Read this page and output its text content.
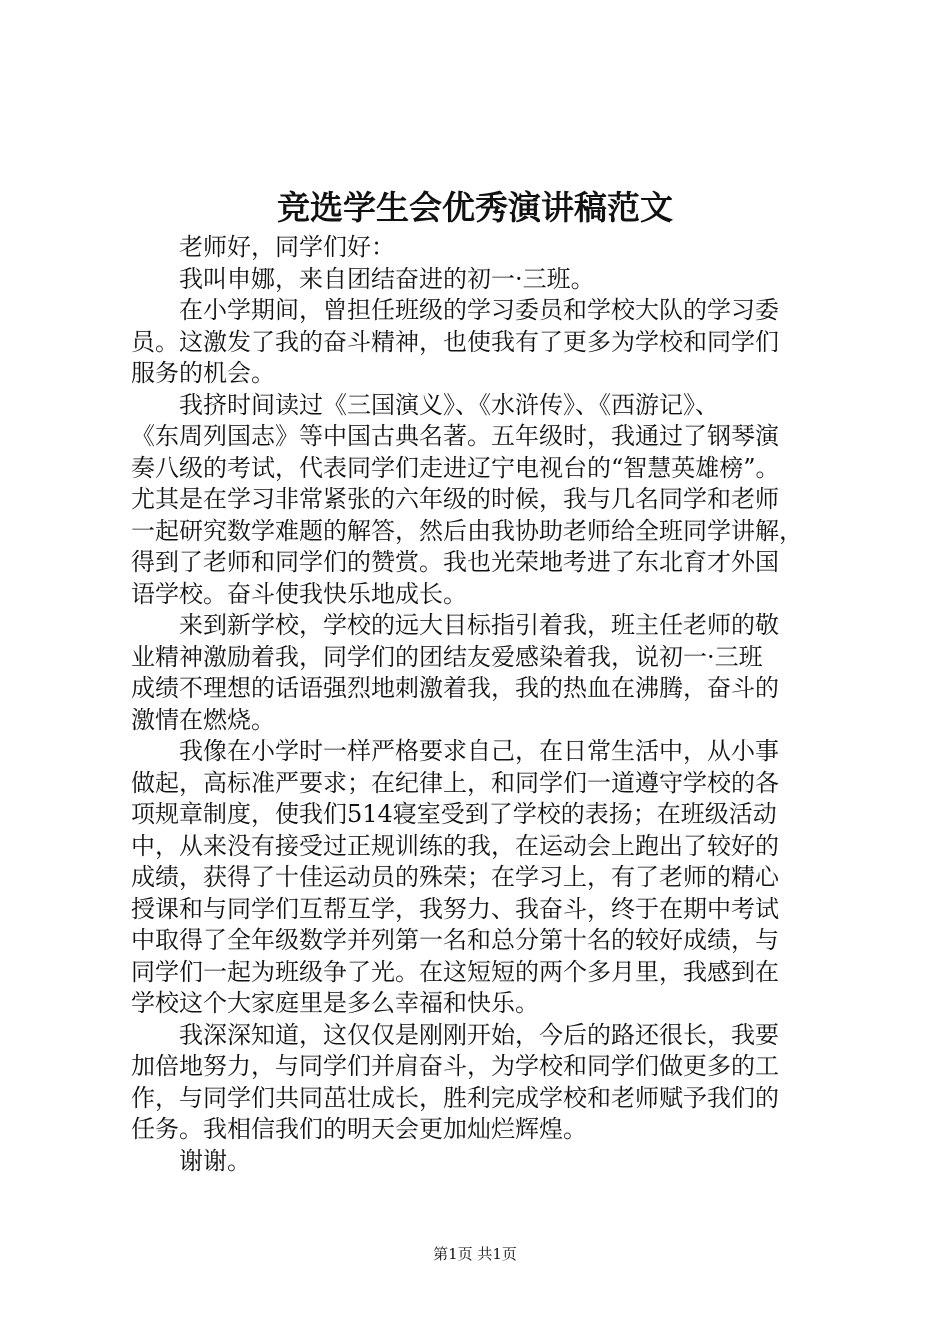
竞选学生会优秀演讲稿范文
老师好，同学们好：
我叫申娜，来自团结奋进的初一·三班。
在小学期间，曾担任班级的学习委员和学校大队的学习委
员。这激发了我的奋斗精神，也使我有了更多为学校和同学们
服务的机会。
我挤时间读过《三国演义》、《水浒传》、《西游记》、
《东周列国志》等中国古典名著。五年级时，我通过了钢琴演
奏八级的考试，代表同学们走进辽宁电视台的“智慧英雄榜”。
尤其是在学习非常紧张的六年级的时候，我与几名同学和老师
一起研究数学难题的解答，然后由我协助老师给全班同学讲解，
得到了老师和同学们的赞赏。我也光荣地考进了东北育才外国
语学校。奋斗使我快乐地成长。
来到新学校，学校的远大目标指引着我，班主任老师的敬
业精神激励着我，同学们的团结友爱感染着我，说初一·三班
成绩不理想的话语强烈地刺激着我，我的热血在沸腾，奋斗的
激情在燃烧。
我像在小学时一样严格要求自己，在日常生活中，从小事
做起，高标准严要求；在纪律上，和同学们一道遵守学校的各
项规章制度，使我们514寝室受到了学校的表扬；在班级活动
中，从来没有接受过正规训练的我，在运动会上跑出了较好的
成绩，获得了十佳运动员的殊荣；在学习上，有了老师的精心
授课和与同学们互帮互学，我努力、我奋斗，终于在期中考试
中取得了全年级数学并列第一名和总分第十名的较好成绩，与
同学们一起为班级争了光。在这短短的两个多月里，我感到在
学校这个大家庭里是多么幸福和快乐。
我深深知道，这仅仅是刚刚开始，今后的路还很长，我要
加倍地努力，与同学们并肩奋斗，为学校和同学们做更多的工
作，与同学们共同茁壮成长，胜利完成学校和老师赋予我们的
任务。我相信我们的明天会更加灿烂辉煌。
谢谢。
第1页 共1页
